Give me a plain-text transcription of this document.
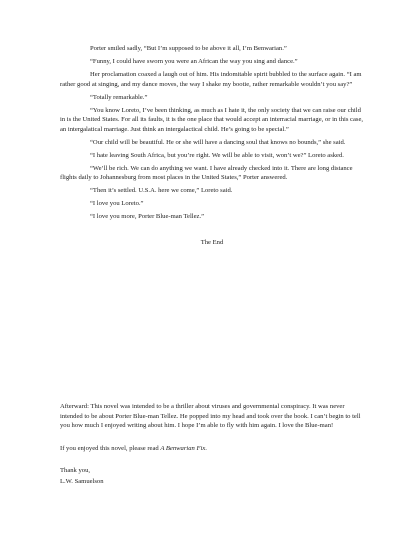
Porter smiled sadly, “But I’m supposed to be above it all, I’m Benwarian.”

“Funny, I could have sworn you were an African the way you sing and dance.”

Her proclamation coaxed a laugh out of him. His indomitable spirit bubbled to the surface again. “I am rather good at singing, and my dance moves, the way I shake my bootie, rather remarkable wouldn’t you say?”

“Totally remarkable.”

“You know Loreto, I’ve been thinking, as much as I hate it, the only society that we can raise our child in is the United States. For all its faults, it is the one place that would accept an interracial marriage, or in this case, an intergalatical marriage. Just think an intergalactical child. He’s going to be special.”

“Our child will be beautiful. He or she will have a dancing soul that knows no bounds,” she said.

“I hate leaving South Africa, but you’re right. We will be able to visit, won’t we?” Loreto asked.

“We’ll be rich. We can do anything we want. I have already checked into it. There are long distance flights daily to Johannesburg from most places in the United States,” Porter answered.

“Then it’s settled. U.S.A. here we come,” Loreto said.

“I love you Loreto.”

“I love you more, Porter Blue-man Tellez.”

The End

Afterward: This novel was intended to be a thriller about viruses and governmental conspiracy. It was never intended to be about Porter Blue-man Tellez. He popped into my head and took over the book. I can’t begin to tell you how much I enjoyed writing about him. I hope I’m able to fly with him again. I love the Blue-man!

If you enjoyed this novel, please read A Benwarian Fix.

Thank you,

L.W. Samuelson
